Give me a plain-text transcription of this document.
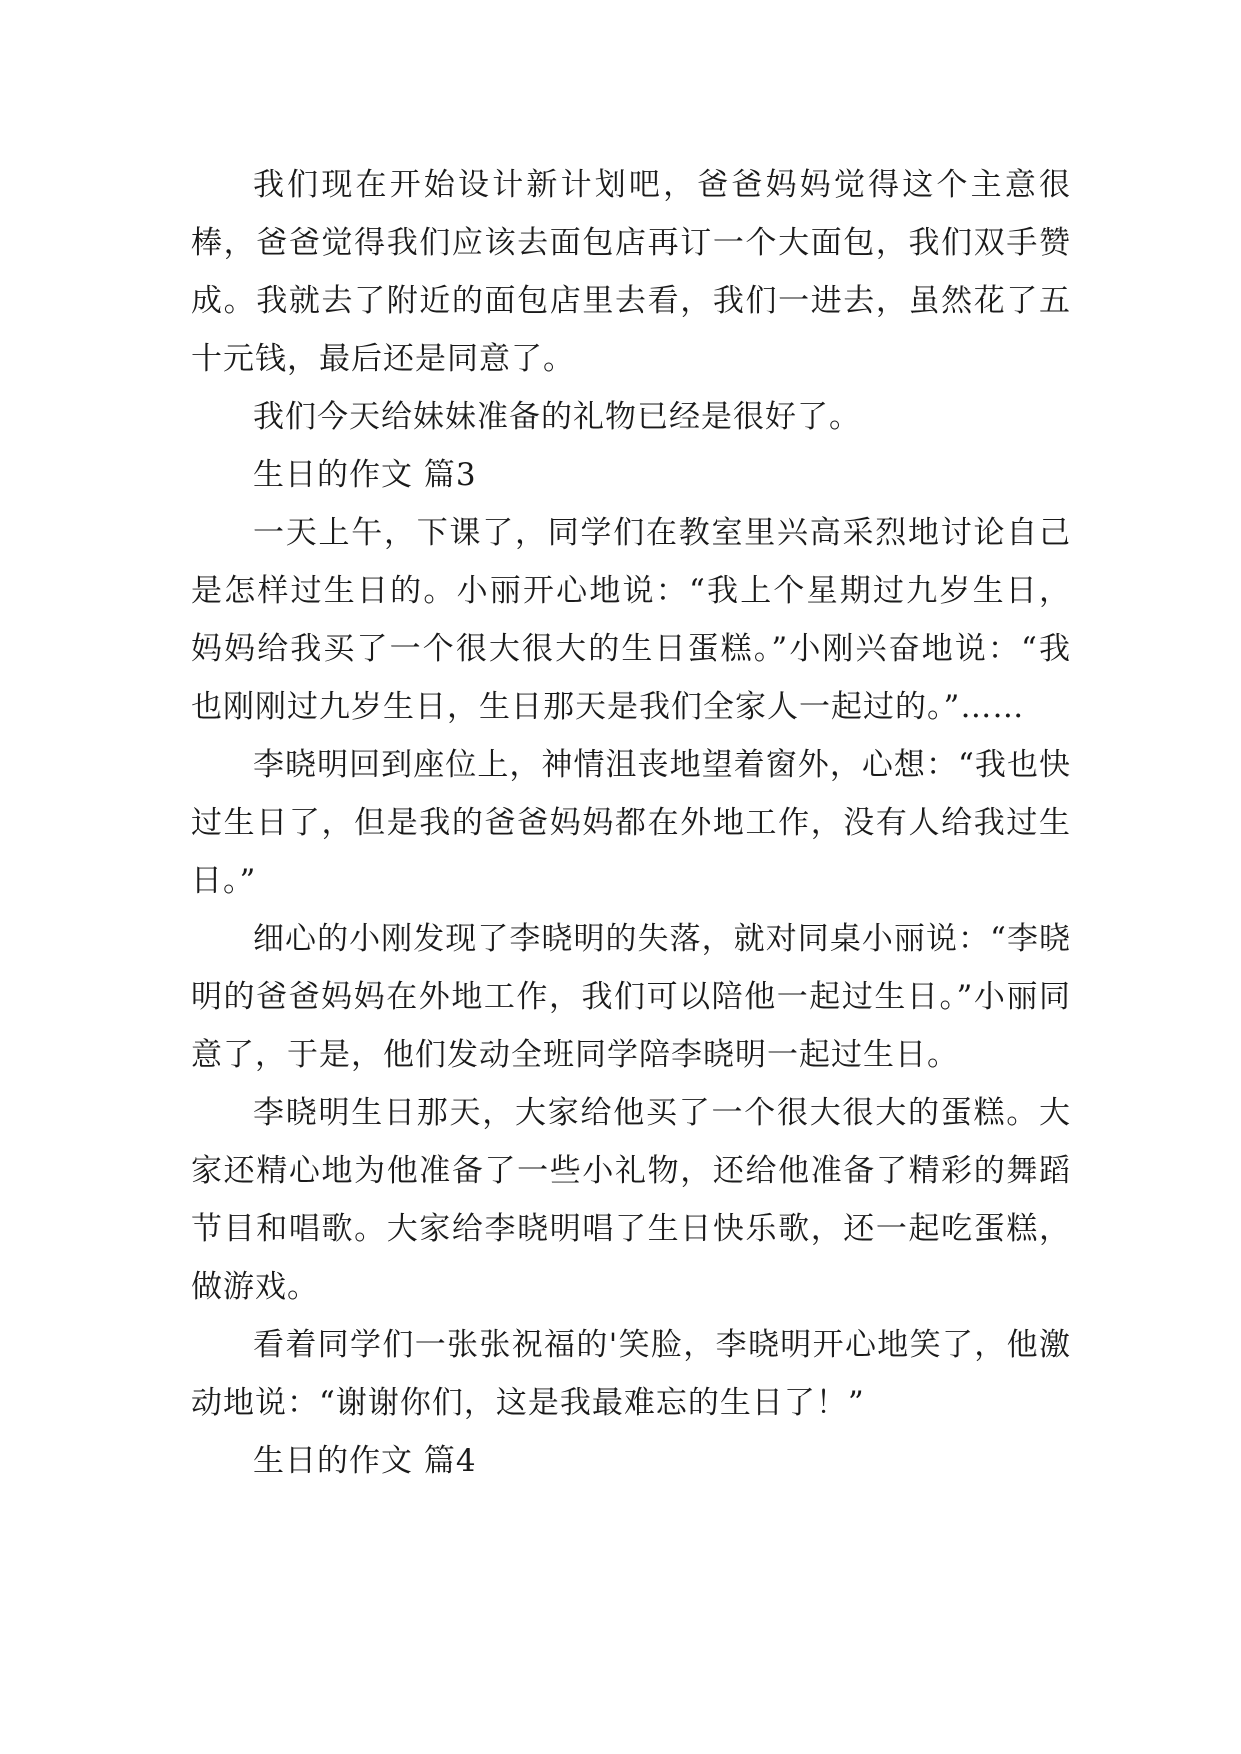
我们现在开始设计新计划吧，爸爸妈妈觉得这个主意很棒，爸爸觉得我们应该去面包店再订一个大面包，我们双手赞成。我就去了附近的面包店里去看，我们一进去，虽然花了五十元钱，最后还是同意了。

我们今天给妹妹准备的礼物已经是很好了。

生日的作文 篇3

一天上午，下课了，同学们在教室里兴高采烈地讨论自己是怎样过生日的。小丽开心地说：“我上个星期过九岁生日，妈妈给我买了一个很大很大的生日蛋糕。”小刚兴奋地说：“我也刚刚过九岁生日，生日那天是我们全家人一起过的。”……

李晓明回到座位上，神情沮丧地望着窗外，心想：“我也快过生日了，但是我的爸爸妈妈都在外地工作，没有人给我过生日。”

细心的小刚发现了李晓明的失落，就对同桌小丽说：“李晓明的爸爸妈妈在外地工作，我们可以陪他一起过生日。”小丽同意了，于是，他们发动全班同学陪李晓明一起过生日。

李晓明生日那天，大家给他买了一个很大很大的蛋糕。大家还精心地为他准备了一些小礼物，还给他准备了精彩的舞蹈节目和唱歌。大家给李晓明唱了生日快乐歌，还一起吃蛋糕，做游戏。

看着同学们一张张祝福的'笑脸，李晓明开心地笑了，他激动地说：“谢谢你们，这是我最难忘的生日了！”

生日的作文 篇4
